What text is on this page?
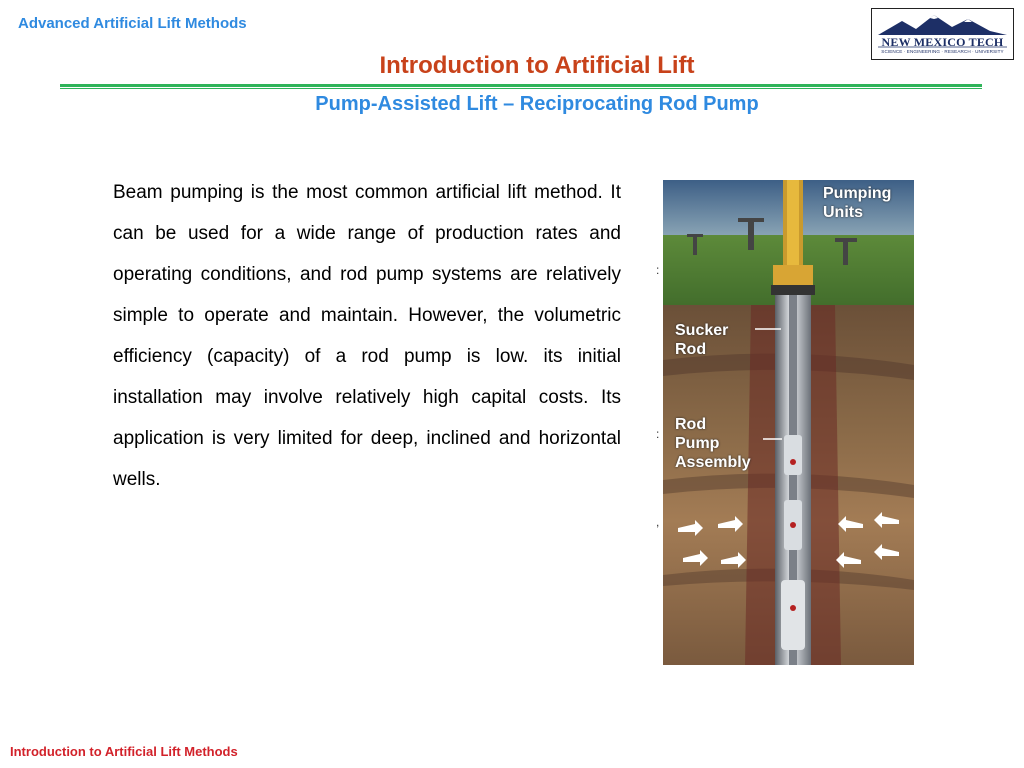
Advanced Artificial Lift Methods
NEW MEXICO TECH
SCIENCE · ENGINEERING · RESEARCH · UNIVERSITY
Introduction to Artificial Lift
Pump-Assisted Lift – Reciprocating Rod Pump

Beam pumping is the most common artificial lift method. It can be used for a wide range of production rates and operating conditions, and rod pump systems are relatively simple to operate and maintain. However, the volumetric efficiency (capacity) of a rod pump is low. its initial installation may involve relatively high capital costs. Its application is very limited for deep, inclined and horizontal wells.

:
:
,
Pumping
Units
Sucker
Rod
Rod
Pump
Assembly
Introduction to Artificial Lift Methods
